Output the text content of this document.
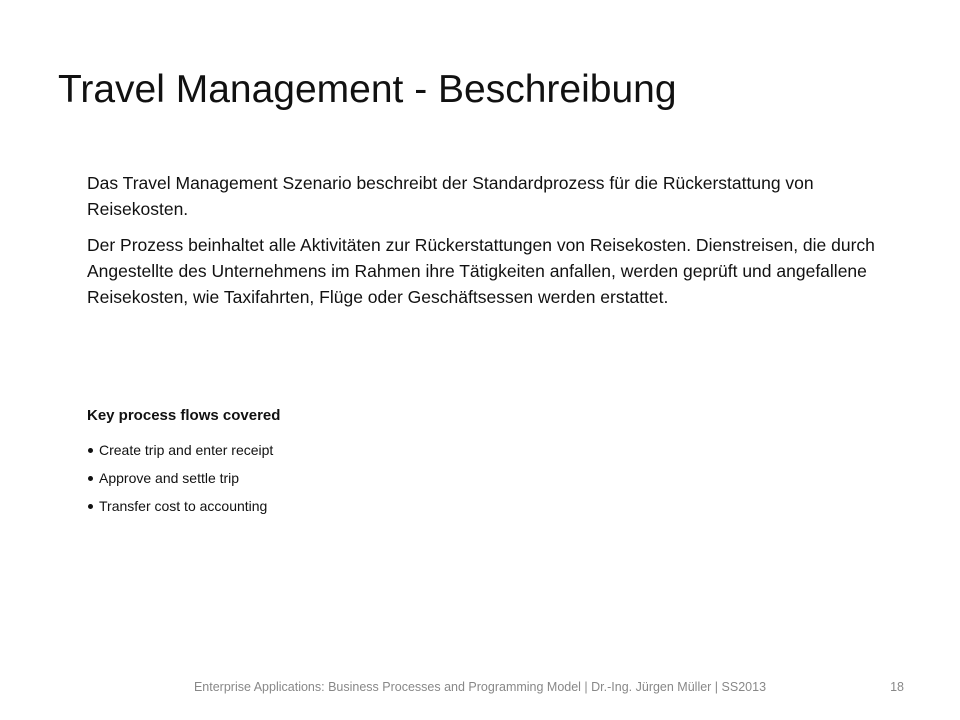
Travel Management - Beschreibung

Das Travel Management Szenario beschreibt der Standardprozess für die Rückerstattung von Reisekosten.

Der Prozess beinhaltet alle Aktivitäten zur Rückerstattungen von Reisekosten. Dienstreisen, die durch Angestellte des Unternehmens im Rahmen ihre Tätigkeiten anfallen, werden geprüft und angefallene Reisekosten, wie Taxifahrten, Flüge oder Geschäftsessen werden erstattet.

Key process flows covered
Create trip and enter receipt
Approve and settle trip
Transfer cost to accounting
Enterprise Applications: Business Processes and Programming Model | Dr.-Ing. Jürgen Müller | SS2013	18
